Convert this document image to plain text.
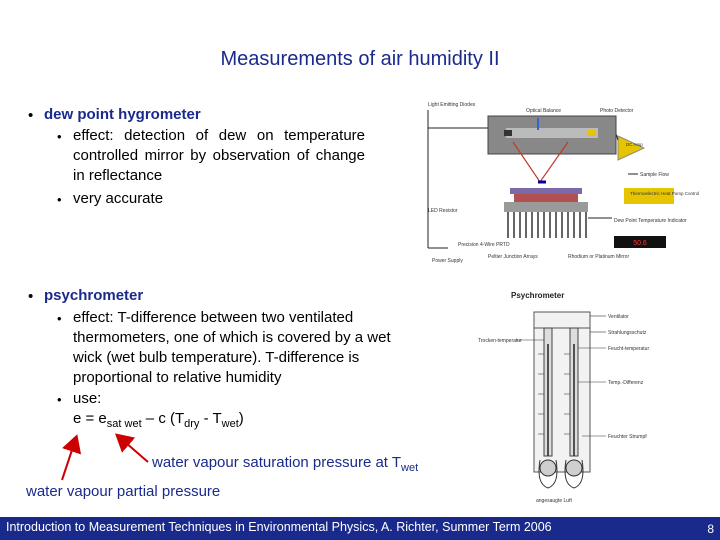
Measurements of air humidity II
• dew point hygrometer
• effect: detection of dew on temperature controlled mirror by observation of change in reflectance
• very accurate
• psychrometer
• effect: T-difference between two ventilated thermometers, one of which is covered by a wet wick (wet bulb temperature). T-difference is proportional to relative humidity
• use:
$e = e_{sat wet} - c$ $(T_{dry} - T_{wet})$
water vapour saturation pressure at $T_{wet}$
water vapour partial pressure
Light Emitting Diodes
Optical Balance	Photo Detector
DC Amp
Sample Flow
Thermoelectric Heat Pump Control
LED Resistor
Dew Point Temperature Indicator
50.6
Precision 4-Wire PRTD
Peltier Junction Arrays	Rhodium or Platinum Mirror
Power Supply
Psychrometer
Ventilator
Strahlungsschutz
Trocken-temperatur
Feucht-temperatur
Temp.-Differenz
Feuchter Strumpf
angesaugte Luft
Introduction to Measurement Techniques in Environmental Physics, A. Richter, Summer Term 2006	8
